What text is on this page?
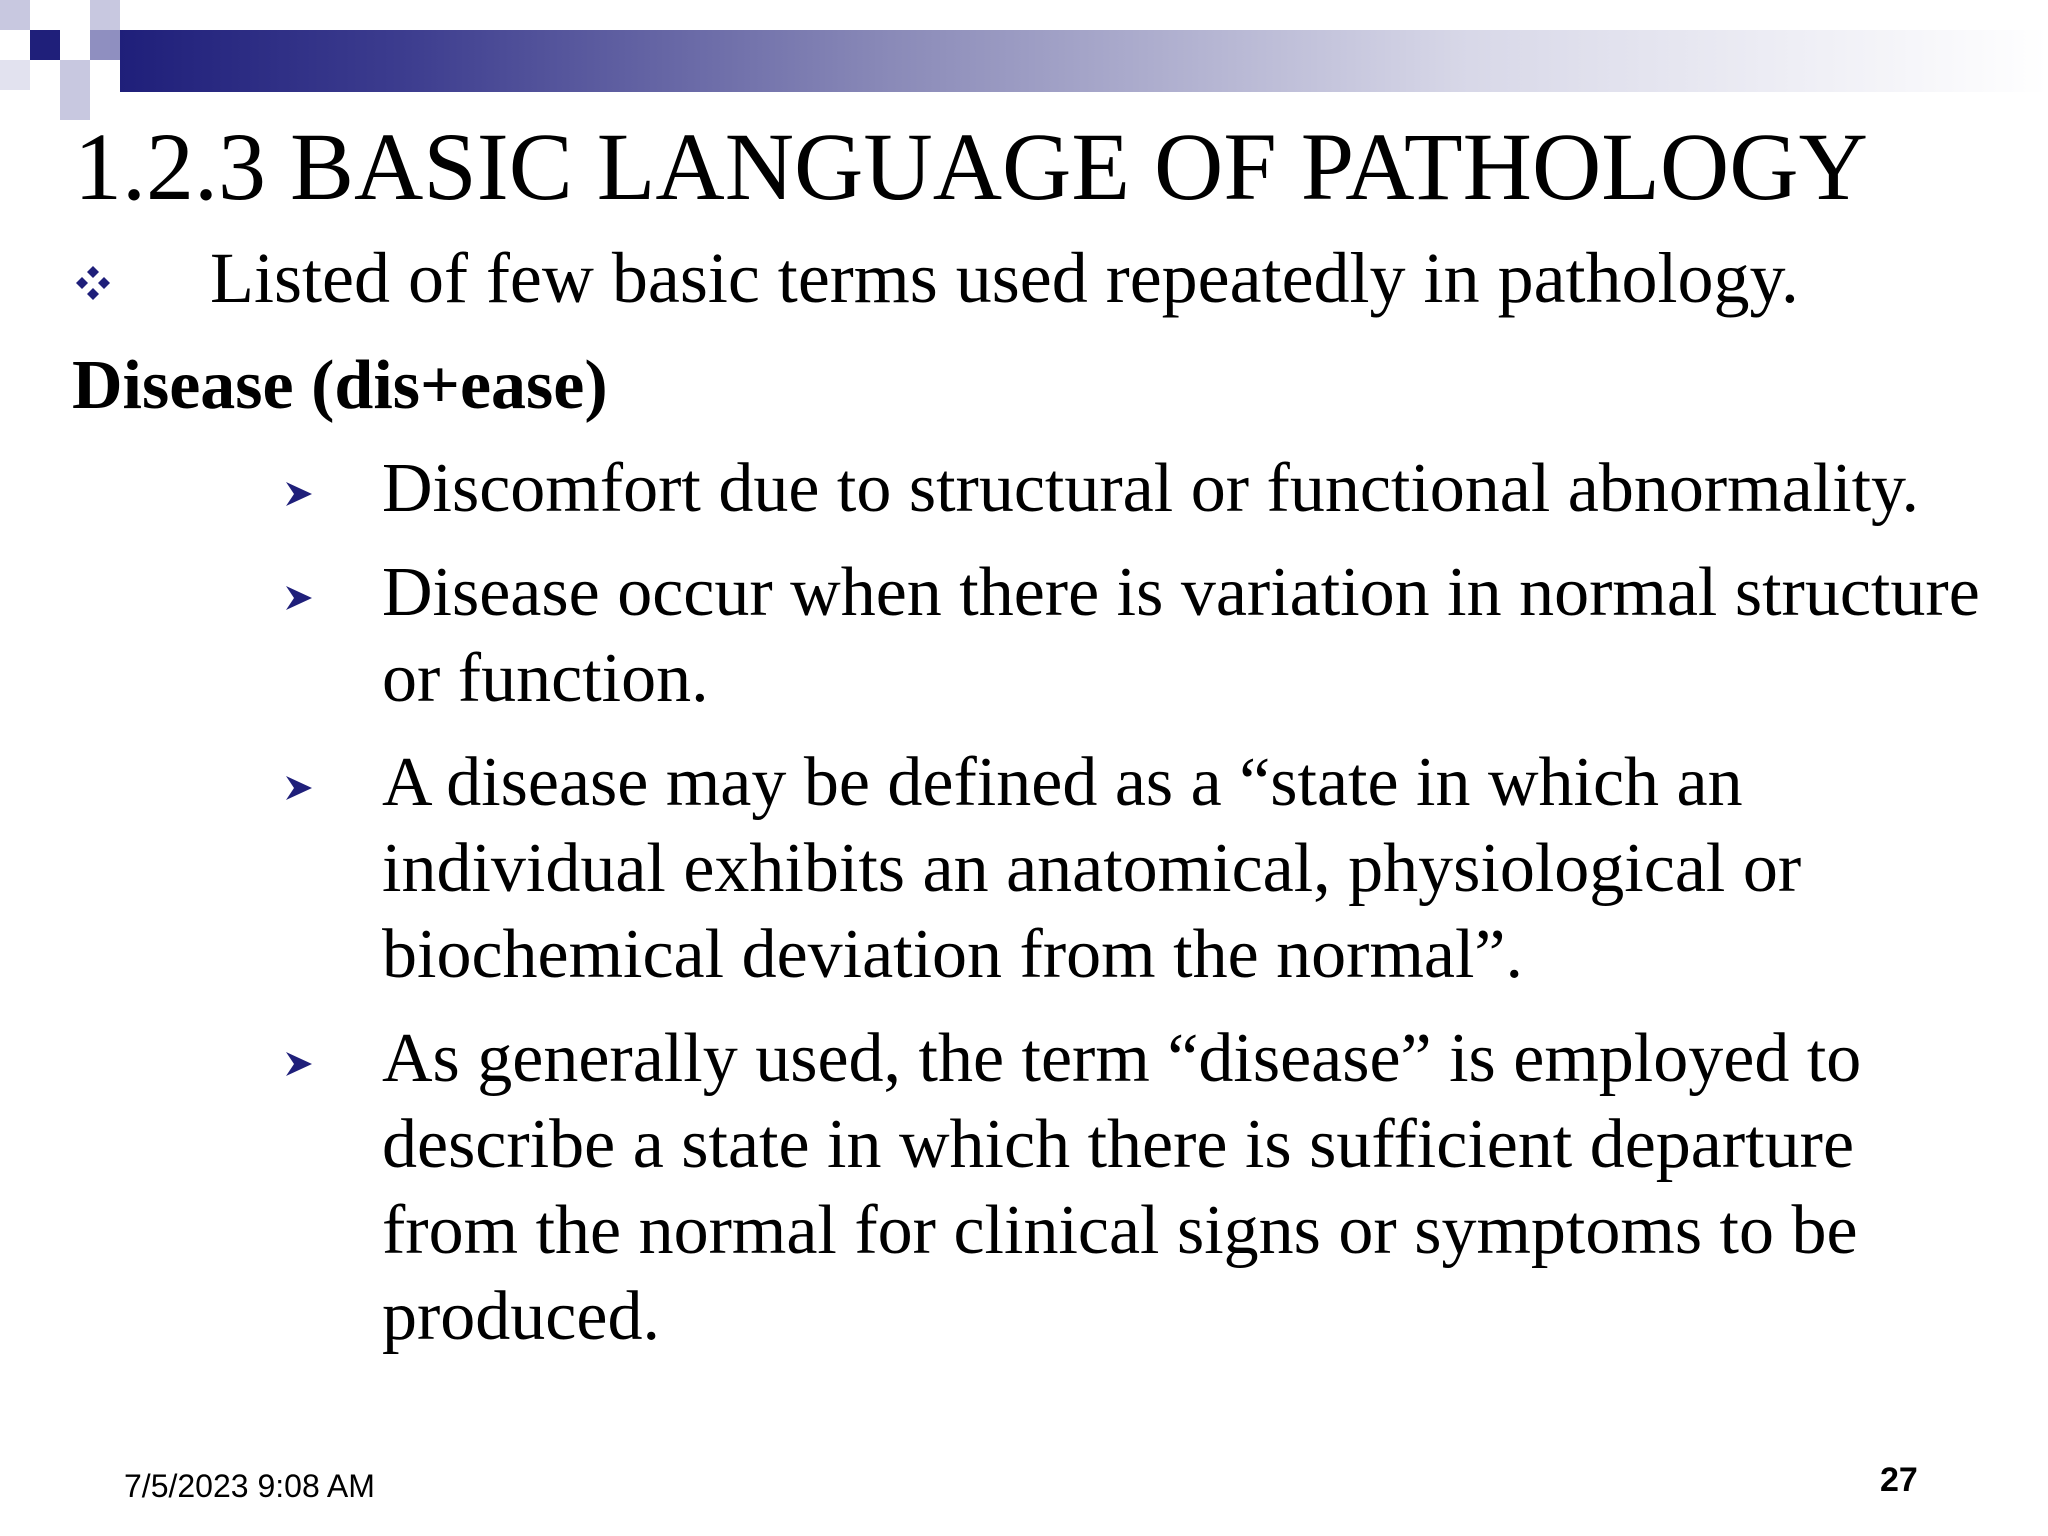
1.2.3 BASIC LANGUAGE OF PATHOLOGY
Listed of few basic terms used repeatedly in pathology.
Disease (dis+ease)
Discomfort due to structural or functional abnormality.
Disease occur when there is variation in normal structure or function.
A disease may be defined as a “state in which an individual exhibits an anatomical, physiological or biochemical deviation from the normal”.
As generally used, the term “disease” is employed to describe a state in which there is sufficient departure from the normal for clinical signs or symptoms to be produced.
7/5/2023 9:08 AM	27
